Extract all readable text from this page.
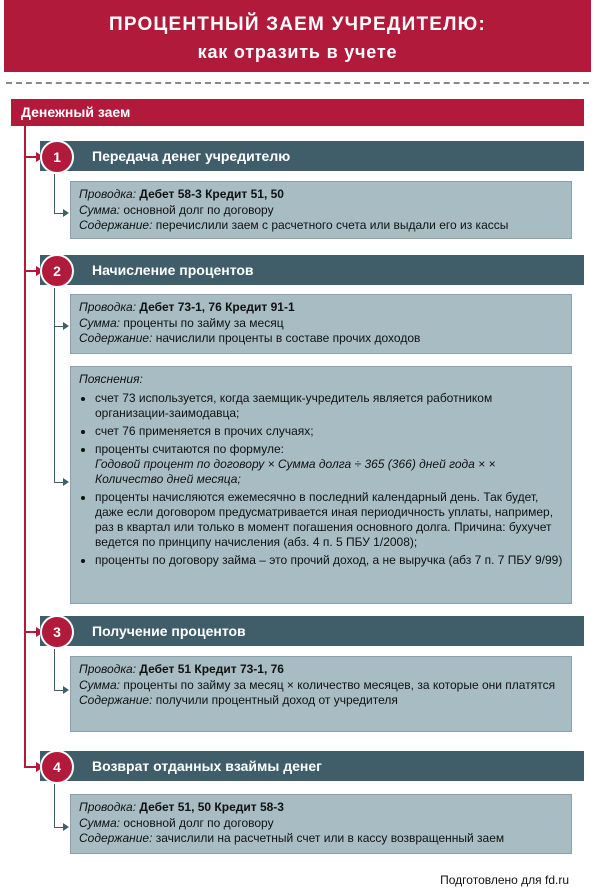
ПРОЦЕНТНЫЙ ЗАЕМ УЧРЕДИТЕЛЮ:
как отразить в учете
Денежный заем
Передача денег учредителю
1
Проводка: Дебет 58-3 Кредит 51, 50
Сумма: основной долг по договору
Содержание: перечислили заем с расчетного счета или выдали его из кассы
Начисление процентов
2
Проводка: Дебет 73-1, 76 Кредит 91-1
Сумма: проценты по займу за месяц
Содержание: начислили проценты в составе прочих доходов
Пояснения:
• счет 73 используется, когда заемщик-учредитель является работником организации-заимодавца;
• счет 76 применяется в прочих случаях;
• проценты считаются по формуле:
Годовой процент по договору × Сумма долга ÷ 365 (366) дней года × × Количество дней месяца;
• проценты начисляются ежемесячно в последний календарный день. Так будет, даже если договором предусматривается иная периодичность уплаты, например, раз в квартал или только в момент погашения основного долга. Причина: бухучет ведется по принципу начисления (абз. 4 п. 5 ПБУ 1/2008);
• проценты по договору займа – это прочий доход, а не выручка (абз 7 п. 7 ПБУ 9/99)
Получение процентов
3
Проводка: Дебет 51 Кредит 73-1, 76
Сумма: проценты по займу за месяц × количество месяцев, за которые они платятся
Содержание: получили процентный доход от учредителя
Возврат отданных взаймы денег
4
Проводка: Дебет 51, 50 Кредит 58-3
Сумма: основной долг по договору
Содержание: зачислили на расчетный счет или в кассу возвращенный заем
Подготовлено для fd.ru
